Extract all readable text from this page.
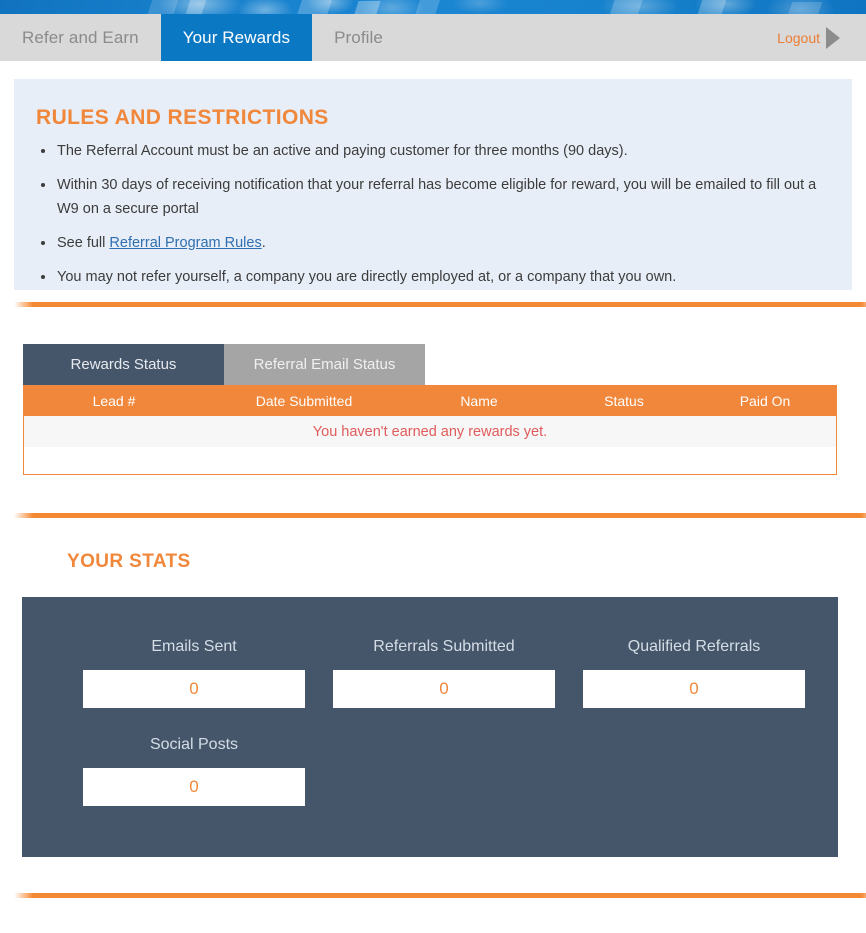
Refer and Earn	Your Rewards	Profile	Logout
RULES AND RESTRICTIONS
The Referral Account must be an active and paying customer for three months (90 days).
Within 30 days of receiving notification that your referral has become eligible for reward, you will be emailed to fill out a W9 on a secure portal
See full Referral Program Rules.
You may not refer yourself, a company you are directly employed at, or a company that you own.
Rewards Status	Referral Email Status
Lead #	Date Submitted	Name	Status	Paid On
You haven't earned any rewards yet.
YOUR STATS
Emails Sent
0
Referrals Submitted
0
Qualified Referrals
0
Social Posts
0
